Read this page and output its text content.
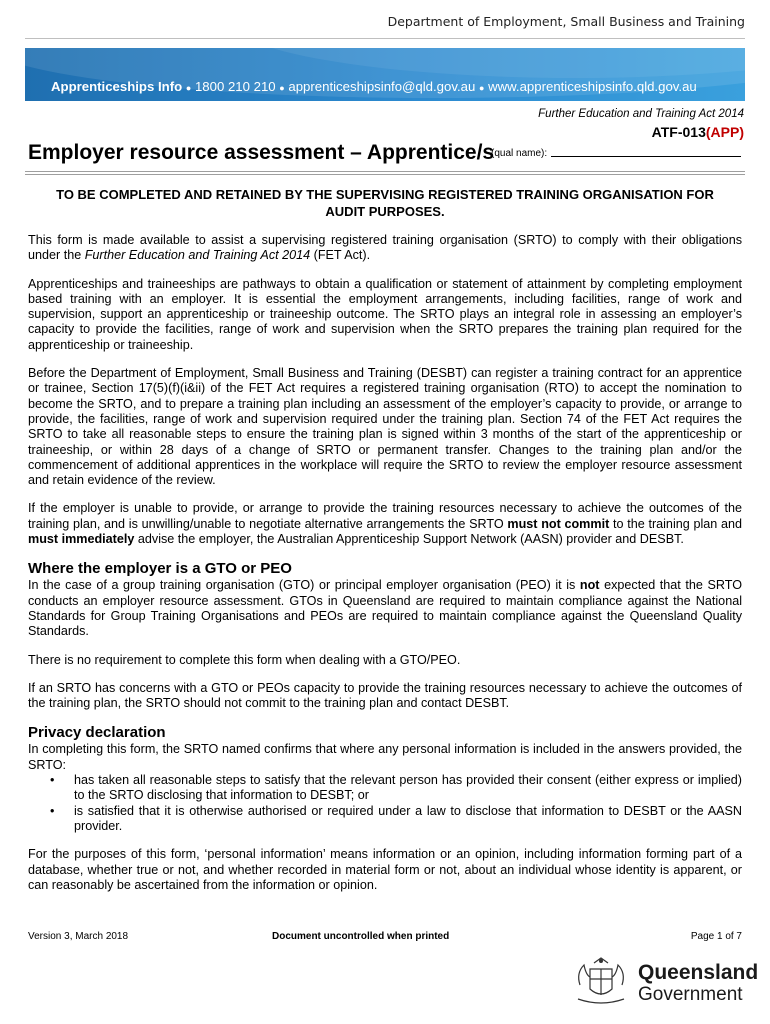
Department of Employment, Small Business and Training
Apprenticeships Info ● 1800 210 210 ● apprenticeshipsinfo@qld.gov.au ● www.apprenticeshipsinfo.qld.gov.au
Further Education and Training Act 2014
ATF-013(APP)
Employer resource assessment – Apprentice/s
(qual name):
TO BE COMPLETED AND RETAINED BY THE SUPERVISING REGISTERED TRAINING ORGANISATION FOR AUDIT PURPOSES.

This form is made available to assist a supervising registered training organisation (SRTO) to comply with their obligations under the Further Education and Training Act 2014 (FET Act).

Apprenticeships and traineeships are pathways to obtain a qualification or statement of attainment by completing employment based training with an employer. It is essential the employment arrangements, including facilities, range of work and supervision, support an apprenticeship or traineeship outcome. The SRTO plays an integral role in assessing an employer’s capacity to provide the facilities, range of work and supervision when the SRTO prepares the training plan required for the apprenticeship or traineeship.

Before the Department of Employment, Small Business and Training (DESBT) can register a training contract for an apprentice or trainee, Section 17(5)(f)(i&ii) of the FET Act requires a registered training organisation (RTO) to accept the nomination to become the SRTO, and to prepare a training plan including an assessment of the employer’s capacity to provide, or arrange to provide, the facilities, range of work and supervision required under the training plan. Section 74 of the FET Act requires the SRTO to take all reasonable steps to ensure the training plan is signed within 3 months of the start of the apprenticeship or traineeship, or within 28 days of a change of SRTO or permanent transfer. Changes to the training plan and/or the commencement of additional apprentices in the workplace will require the SRTO to review the employer resource assessment and retain evidence of the review.

If the employer is unable to provide, or arrange to provide the training resources necessary to achieve the outcomes of the training plan, and is unwilling/unable to negotiate alternative arrangements the SRTO must not commit to the training plan and must immediately advise the employer, the Australian Apprenticeship Support Network (AASN) provider and DESBT.

Where the employer is a GTO or PEO

In the case of a group training organisation (GTO) or principal employer organisation (PEO) it is not expected that the SRTO conducts an employer resource assessment. GTOs in Queensland are required to maintain compliance against the National Standards for Group Training Organisations and PEOs are required to maintain compliance against the Queensland Quality Standards.

There is no requirement to complete this form when dealing with a GTO/PEO.

If an SRTO has concerns with a GTO or PEOs capacity to provide the training resources necessary to achieve the outcomes of the training plan, the SRTO should not commit to the training plan and contact DESBT.

Privacy declaration
In completing this form, the SRTO named confirms that where any personal information is included in the answers provided, the SRTO:
• has taken all reasonable steps to satisfy that the relevant person has provided their consent (either express or implied) to the SRTO disclosing that information to DESBT; or
• is satisfied that it is otherwise authorised or required under a law to disclose that information to DESBT or the AASN provider.

For the purposes of this form, ‘personal information’ means information or an opinion, including information forming part of a database, whether true or not, and whether recorded in material form or not, about an individual whose identity is apparent, or can reasonably be ascertained from the information or opinion.

Version 3, March 2018	Document uncontrolled when printed	Page 1 of 7
Queensland
Government
